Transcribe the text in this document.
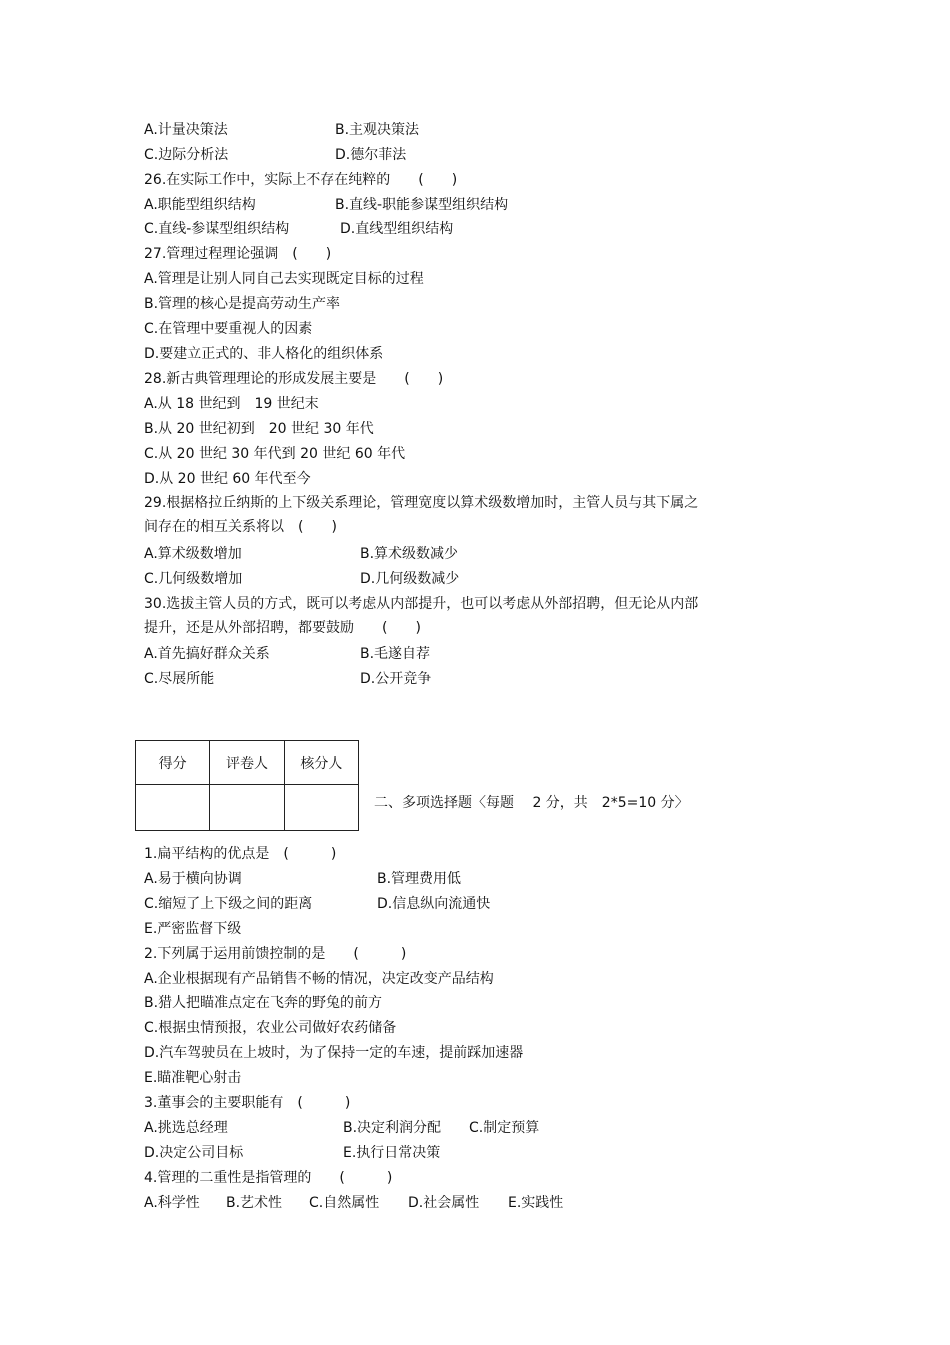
A.计量决策法	B.主观决策法
C.边际分析法	D.德尔菲法
26.在实际工作中，实际上不存在纯粹的　　(　　)
A.职能型组织结构	B.直线-职能参谋型组织结构
C.直线-参谋型组织结构	D.直线型组织结构
27.管理过程理论强调　(　　)
A.管理是让别人同自己去实现既定目标的过程
B.管理的核心是提高劳动生产率
C.在管理中要重视人的因素
D.要建立正式的、非人格化的组织体系
28.新古典管理理论的形成发展主要是　　(　　)
A.从 18 世纪到　19 世纪末
B.从 20 世纪初到　20 世纪 30 年代
C.从 20 世纪 30 年代到 20 世纪 60 年代
D.从 20 世纪 60 年代至今
29.根据格拉丘纳斯的上下级关系理论，管理宽度以算术级数增加时，主管人员与其下属之
间存在的相互关系将以　(　　)
A.算术级数增加	B.算术级数减少
C.几何级数增加	D.几何级数减少
30.选拔主管人员的方式，既可以考虑从内部提升，也可以考虑从外部招聘，但无论从内部
提升，还是从外部招聘，都要鼓励　　(　　)
A.首先搞好群众关系	B.毛遂自荐
C.尽展所能	D.公开竞争
得分	评卷人	核分人

二、多项选择题〈每题　 2 分，共　2*5=10 分〉
1.扁平结构的优点是　(　　　)
A.易于横向协调	B.管理费用低
C.缩短了上下级之间的距离	D.信息纵向流通快
E.严密监督下级
2.下列属于运用前馈控制的是　　(　　　)
A.企业根据现有产品销售不畅的情况，决定改变产品结构
B.猎人把瞄准点定在飞奔的野兔的前方
C.根据虫情预报，农业公司做好农药储备
D.汽车驾驶员在上坡时，为了保持一定的车速，提前踩加速器
E.瞄准靶心射击
3.董事会的主要职能有　(　　　)
A.挑选总经理	B.决定利润分配 C.制定预算
D.决定公司目标	E.执行日常决策
4.管理的二重性是指管理的　　(　　　)
A.科学性 B.艺术性 C.自然属性 D.社会属性 E.实践性
